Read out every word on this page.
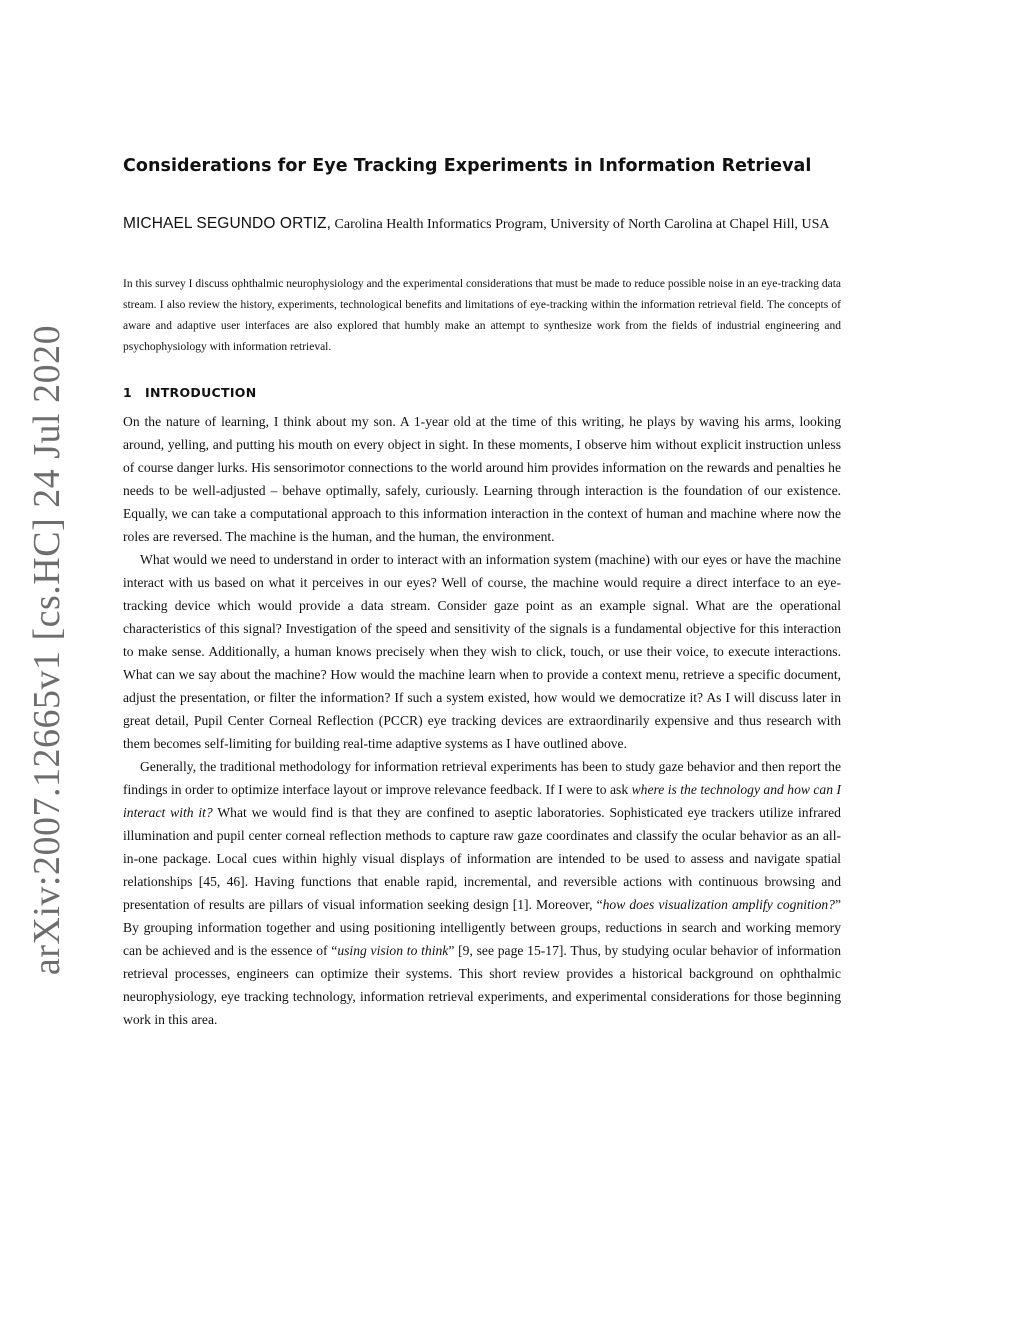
arXiv:2007.12665v1 [cs.HC] 24 Jul 2020
Considerations for Eye Tracking Experiments in Information Retrieval
MICHAEL SEGUNDO ORTIZ, Carolina Health Informatics Program, University of North Carolina at Chapel Hill, USA

In this survey I discuss ophthalmic neurophysiology and the experimental considerations that must be made to reduce possible noise in an eye-tracking data stream. I also review the history, experiments, technological benefits and limitations of eye-tracking within the information retrieval field. The concepts of aware and adaptive user interfaces are also explored that humbly make an attempt to synthesize work from the fields of industrial engineering and psychophysiology with information retrieval.

1 INTRODUCTION

On the nature of learning, I think about my son. A 1-year old at the time of this writing, he plays by waving his arms, looking around, yelling, and putting his mouth on every object in sight. In these moments, I observe him without explicit instruction unless of course danger lurks. His sensorimotor connections to the world around him provides information on the rewards and penalties he needs to be well-adjusted – behave optimally, safely, curiously. Learning through interaction is the foundation of our existence. Equally, we can take a computational approach to this information interaction in the context of human and machine where now the roles are reversed. The machine is the human, and the human, the environment.

What would we need to understand in order to interact with an information system (machine) with our eyes or have the machine interact with us based on what it perceives in our eyes? Well of course, the machine would require a direct interface to an eye-tracking device which would provide a data stream. Consider gaze point as an example signal. What are the operational characteristics of this signal? Investigation of the speed and sensitivity of the signals is a fundamental objective for this interaction to make sense. Additionally, a human knows precisely when they wish to click, touch, or use their voice, to execute interactions. What can we say about the machine? How would the machine learn when to provide a context menu, retrieve a specific document, adjust the presentation, or filter the information? If such a system existed, how would we democratize it? As I will discuss later in great detail, Pupil Center Corneal Reflection (PCCR) eye tracking devices are extraordinarily expensive and thus research with them becomes self-limiting for building real-time adaptive systems as I have outlined above.

Generally, the traditional methodology for information retrieval experiments has been to study gaze behavior and then report the findings in order to optimize interface layout or improve relevance feedback. If I were to ask where is the technology and how can I interact with it? What we would find is that they are confined to aseptic laboratories. Sophisticated eye trackers utilize infrared illumination and pupil center corneal reflection methods to capture raw gaze coordinates and classify the ocular behavior as an all-in-one package. Local cues within highly visual displays of information are intended to be used to assess and navigate spatial relationships [45, 46]. Having functions that enable rapid, incremental, and reversible actions with continuous browsing and presentation of results are pillars of visual information seeking design [1]. Moreover, “how does visualization amplify cognition?” By grouping information together and using positioning intelligently between groups, reductions in search and working memory can be achieved and is the essence of “using vision to think” [9, see page 15-17]. Thus, by studying ocular behavior of information retrieval processes, engineers can optimize their systems. This short review provides a historical background on ophthalmic neurophysiology, eye tracking technology, information retrieval experiments, and experimental considerations for those beginning work in this area.
